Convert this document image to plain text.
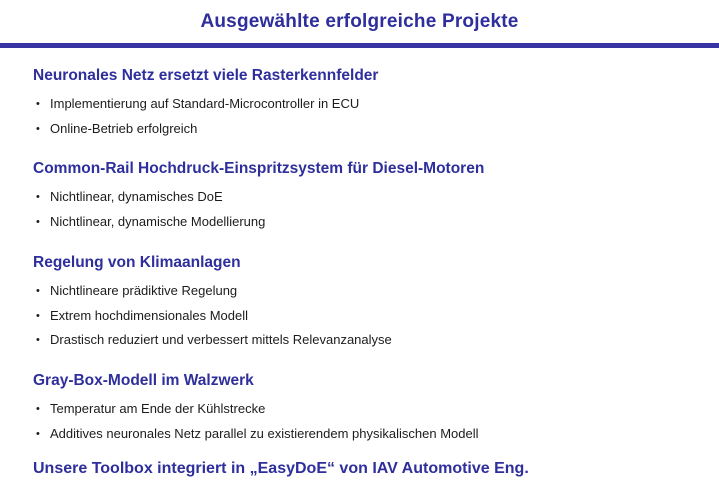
Ausgewählte erfolgreiche Projekte
Neuronales Netz ersetzt viele Rasterkennfelder
• Implementierung auf Standard-Microcontroller in ECU
• Online-Betrieb erfolgreich
Common-Rail Hochdruck-Einspritzsystem für Diesel-Motoren
• Nichtlinear, dynamisches DoE
• Nichtlinear, dynamische Modellierung
Regelung von Klimaanlagen
• Nichtlineare prädiktive Regelung
• Extrem hochdimensionales Modell
• Drastisch reduziert und verbessert mittels Relevanzanalyse
Gray-Box-Modell im Walzwerk
• Temperatur am Ende der Kühlstrecke
• Additives neuronales Netz parallel zu existierendem physikalischen Modell
Unsere Toolbox integriert in „EasyDoE“ von IAV Automotive Eng.
